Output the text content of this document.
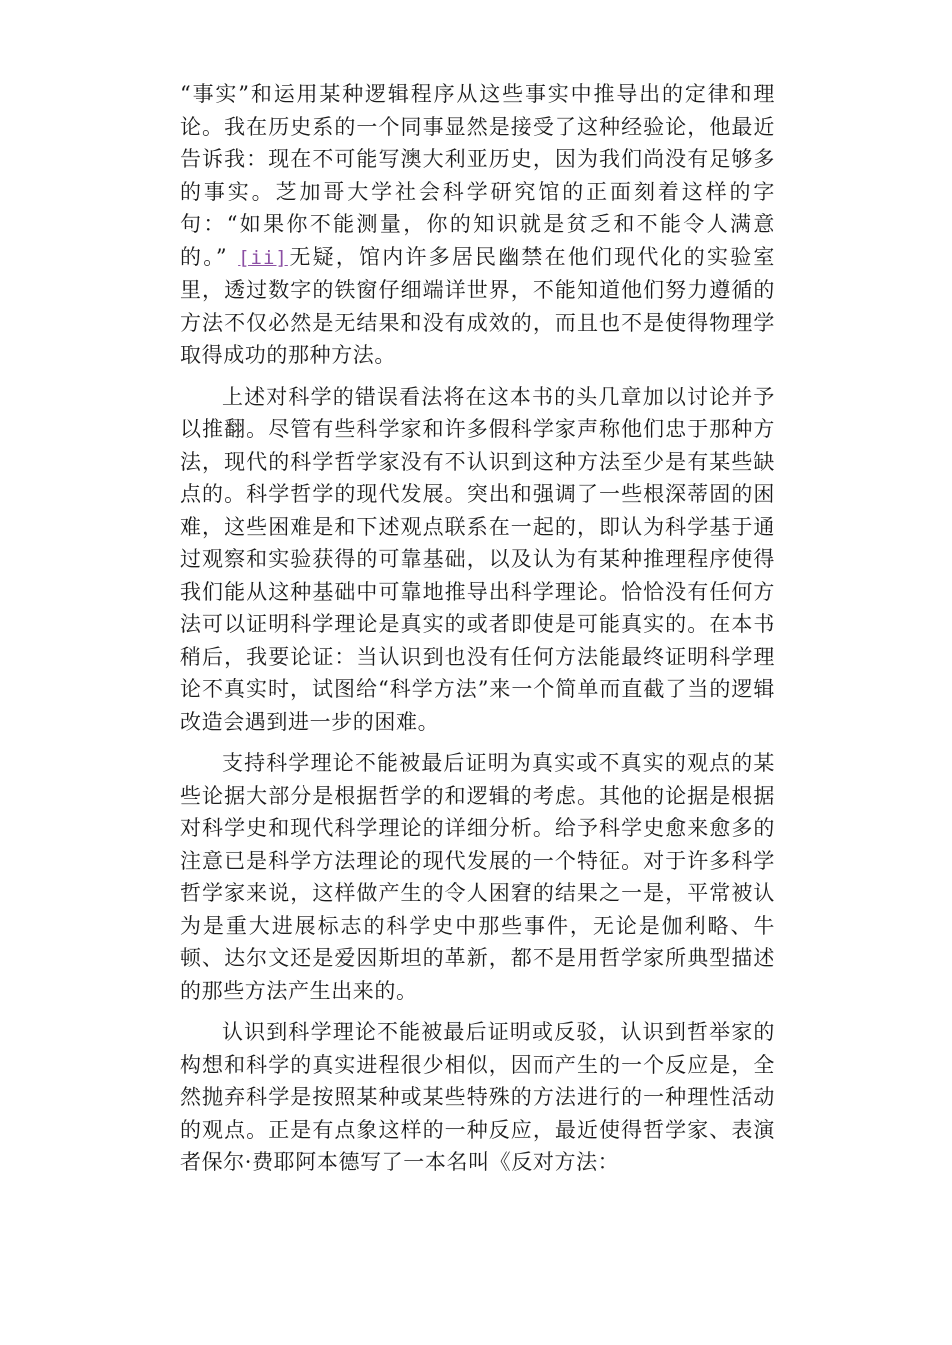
“事实”和运用某种逻辑程序从这些事实中推导出的定律和理论。我在历史系的一个同事显然是接受了这种经验论，他最近告诉我：现在不可能写澳大利亚历史，因为我们尚没有足够多的事实。芝加哥大学社会科学研究馆的正面刻着这样的字句：“如果你不能测量，你的知识就是贫乏和不能令人满意的。” [ii]无疑，馆内许多居民幽禁在他们现代化的实验室里，透过数字的铁窗仔细端详世界，不能知道他们努力遵循的方法不仅必然是无结果和没有成效的，而且也不是使得物理学取得成功的那种方法。

上述对科学的错误看法将在这本书的头几章加以讨论并予以推翻。尽管有些科学家和许多假科学家声称他们忠于那种方法，现代的科学哲学家没有不认识到这种方法至少是有某些缺点的。科学哲学的现代发展。突出和强调了一些根深蒂固的困难，这些困难是和下述观点联系在一起的，即认为科学基于通过观察和实验获得的可靠基础，以及认为有某种推理程序使得我们能从这种基础中可靠地推导出科学理论。恰恰没有任何方法可以证明科学理论是真实的或者即使是可能真实的。在本书稍后，我要论证：当认识到也没有任何方法能最终证明科学理论不真实时，试图给“科学方法”来一个简单而直截了当的逻辑改造会遇到进一步的困难。

支持科学理论不能被最后证明为真实或不真实的观点的某些论据大部分是根据哲学的和逻辑的考虑。其他的论据是根据对科学史和现代科学理论的详细分析。给予科学史愈来愈多的注意已是科学方法理论的现代发展的一个特征。对于许多科学哲学家来说，这样做产生的令人困窘的结果之一是，平常被认为是重大进展标志的科学史中那些事件，无论是伽利略、牛顿、达尔文还是爱因斯坦的革新，都不是用哲学家所典型描述的那些方法产生出来的。

认识到科学理论不能被最后证明或反驳，认识到哲举家的构想和科学的真实进程很少相似，因而产生的一个反应是，全然抛弃科学是按照某种或某些特殊的方法进行的一种理性活动的观点。正是有点象这样的一种反应，最近使得哲学家、表演者保尔·费耶阿本德写了一本名叫《反对方法：
